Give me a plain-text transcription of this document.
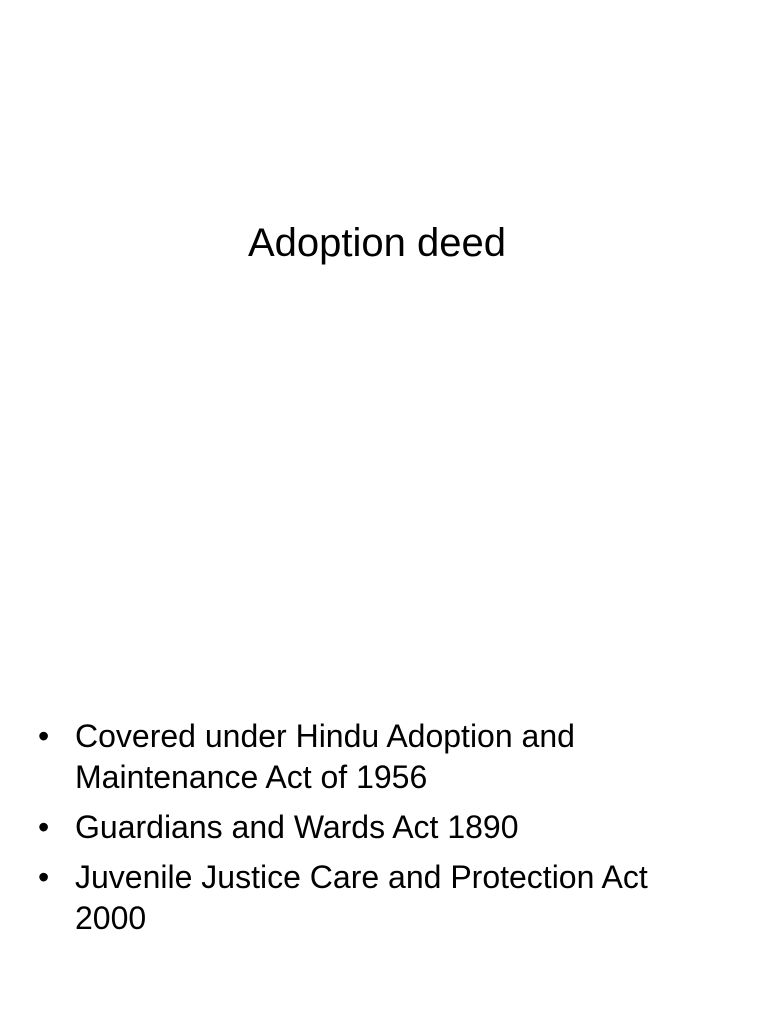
Adoption deed
• Covered under Hindu Adoption and Maintenance Act of 1956
• Guardians and Wards Act 1890
• Juvenile Justice Care and Protection Act 2000
